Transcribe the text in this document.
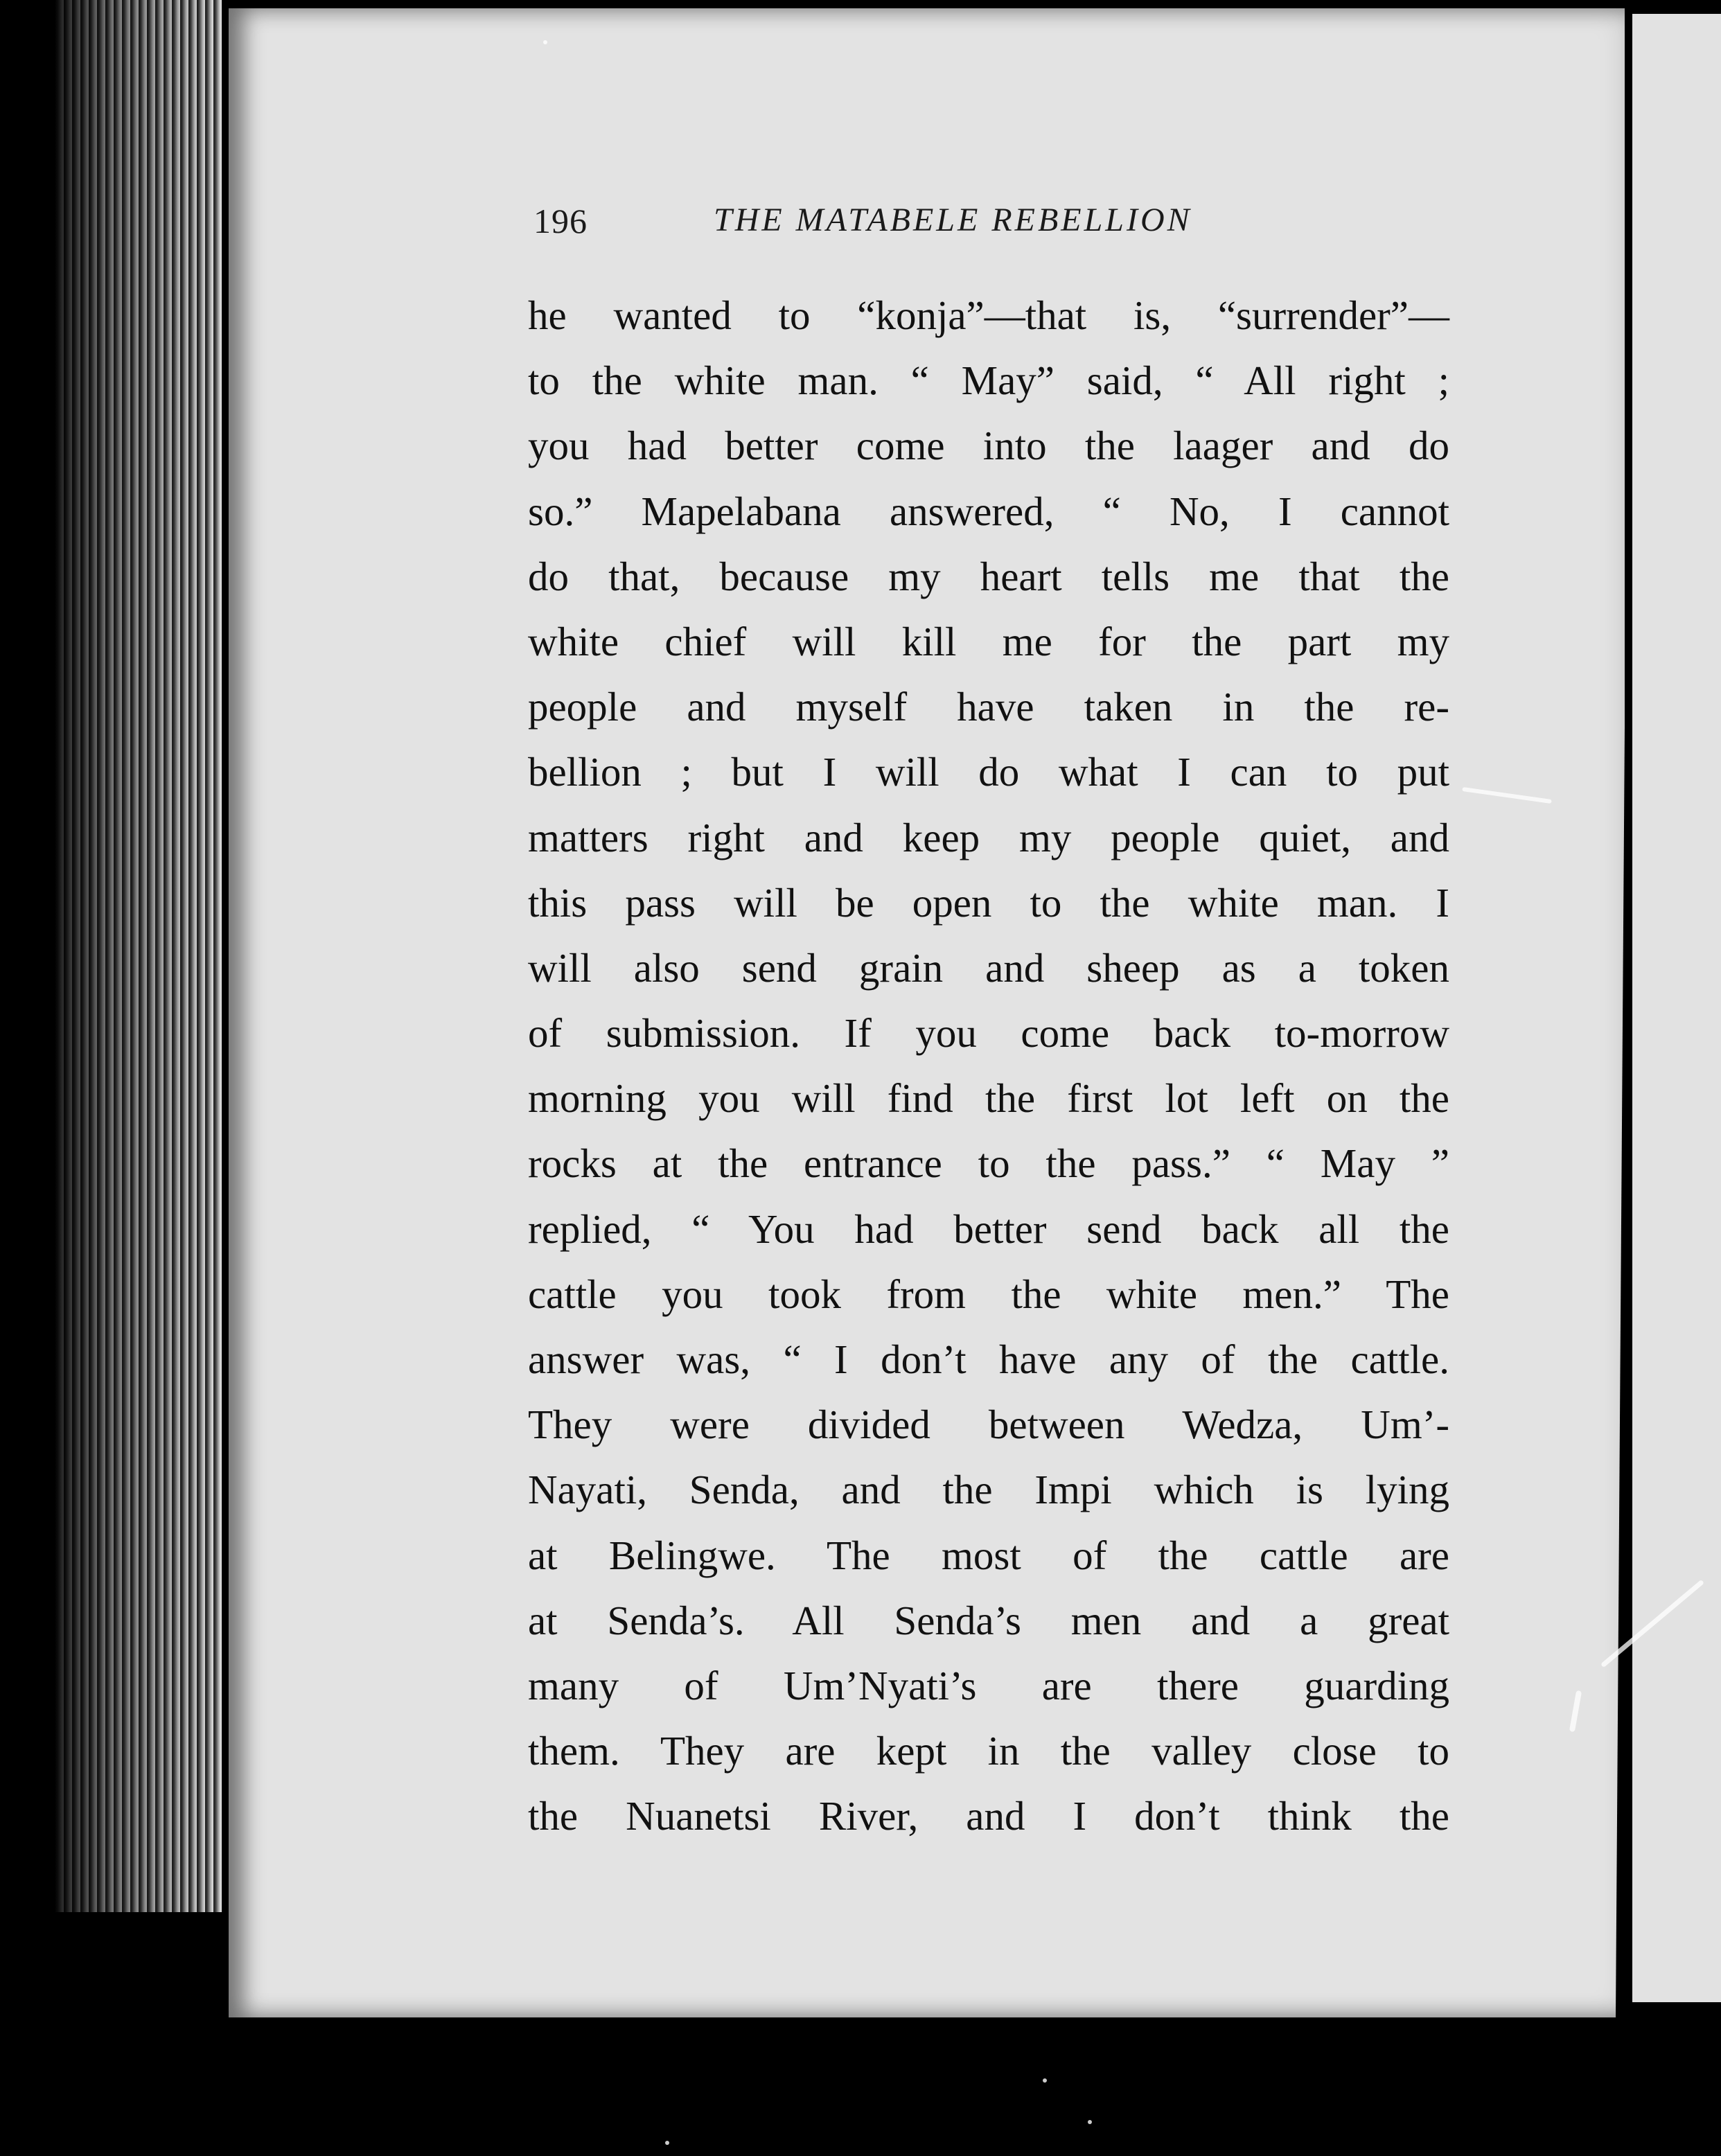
196	THE MATABELE REBELLION
he wanted to “konja”—that is, “surrender”—
to the white man. “ May” said, “ All right ;
you had better come into the laager and do
so.” Mapelabana answered, “ No, I cannot
do that, because my heart tells me that the
white chief will kill me for the part my
people and myself have taken in the re-
bellion ; but I will do what I can to put
matters right and keep my people quiet, and
this pass will be open to the white man. I
will also send grain and sheep as a token
of submission. If you come back to-morrow
morning you will find the first lot left on the
rocks at the entrance to the pass.” “ May ”
replied, “ You had better send back all the
cattle you took from the white men.” The
answer was, “ I don’t have any of the cattle.
They were divided between Wedza, Um’-
Nayati, Senda, and the Impi which is lying
at Belingwe. The most of the cattle are
at Senda’s. All Senda’s men and a great
many of Um’Nyati’s are there guarding
them. They are kept in the valley close to
the Nuanetsi River, and I don’t think the
